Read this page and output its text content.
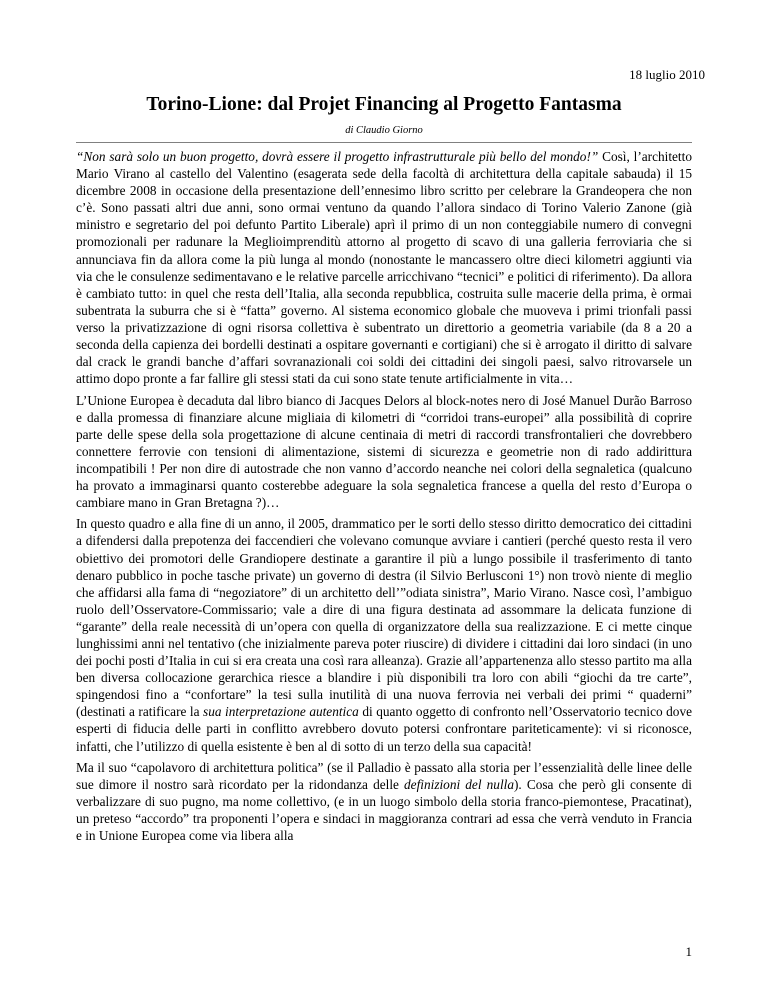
18 luglio 2010
Torino-Lione: dal Projet Financing al Progetto Fantasma
di Claudio Giorno

“Non sarà solo un buon progetto, dovrà essere il progetto infrastrutturale più bello del mondo!” Così, l’architetto Mario Virano al castello del Valentino (esagerata sede della facoltà di architettura della capitale sabauda) il 15 dicembre 2008 in occasione della presentazione dell’ennesimo libro scritto per celebrare la Grandeopera che non c’è. Sono passati altri due anni, sono ormai ventuno da quando l’allora sindaco di Torino Valerio Zanone (già ministro e segretario del poi defunto Partito Liberale) aprì il primo di un non conteggiabile numero di convegni promozionali per radunare la Meglioimprenditù attorno al progetto di scavo di una galleria ferroviaria che si annunciava fin da allora come la più lunga al mondo (nonostante le mancassero oltre dieci kilometri aggiunti via via che le consulenze sedimentavano e le relative parcelle arricchivano “tecnici” e politici di riferimento). Da allora è cambiato tutto: in quel che resta dell’Italia, alla seconda repubblica, costruita sulle macerie della prima, è ormai subentrata la suburra che si è “fatta” governo. Al sistema economico globale che muoveva i primi trionfali passi verso la privatizzazione di ogni risorsa collettiva è subentrato un direttorio a geometria variabile (da 8 a 20 a seconda della capienza dei bordelli destinati a ospitare governanti e cortigiani) che si è arrogato il diritto di salvare dal crack le grandi banche d’affari sovranazionali coi soldi dei cittadini dei singoli paesi, salvo ritrovarsele un attimo dopo pronte a far fallire gli stessi stati da cui sono state tenute artificialmente in vita…

L’Unione Europea è decaduta dal libro bianco di Jacques Delors al block-notes nero di José Manuel Durão Barroso e dalla promessa di finanziare alcune migliaia di kilometri di “corridoi trans-europei” alla possibilità di coprire parte delle spese della sola progettazione di alcune centinaia di metri di raccordi transfrontalieri che dovrebbero connettere ferrovie con tensioni di alimentazione, sistemi di sicurezza e geometrie non di rado addirittura incompatibili ! Per non dire di autostrade che non vanno d’accordo neanche nei colori della segnaletica (qualcuno ha provato a immaginarsi quanto costerebbe adeguare la sola segnaletica francese a quella del resto d’Europa o cambiare mano in Gran Bretagna ?)…

In questo quadro e alla fine di un anno, il 2005, drammatico per le sorti dello stesso diritto democratico dei cittadini a difendersi dalla prepotenza dei faccendieri che volevano comunque avviare i cantieri (perché questo resta il vero obiettivo dei promotori delle Grandiopere destinate a garantire il più a lungo possibile il trasferimento di tanto denaro pubblico in poche tasche private) un governo di destra (il Silvio Berlusconi 1°) non trovò niente di meglio che affidarsi alla fama di “negoziatore” di un architetto dell’”odiata sinistra”, Mario Virano. Nasce così, l’ambiguo ruolo dell’Osservatore-Commissario; vale a dire di una figura destinata ad assommare la delicata funzione di “garante” della reale necessità di un’opera con quella di organizzatore della sua realizzazione. E ci mette cinque lunghissimi anni nel tentativo (che inizialmente pareva poter riuscire) di dividere i cittadini dai loro sindaci (in uno dei pochi posti d’Italia in cui si era creata una così rara alleanza). Grazie all’appartenenza allo stesso partito ma alla ben diversa collocazione gerarchica riesce a blandire i più disponibili tra loro con abili “giochi da tre carte”, spingendosi fino a “confortare” la tesi sulla inutilità di una nuova ferrovia nei verbali dei primi “ quaderni” (destinati a ratificare la sua interpretazione autentica di quanto oggetto di confronto nell’Osservatorio tecnico dove esperti di fiducia delle parti in conflitto avrebbero dovuto potersi confrontare pariteticamente): vi si riconosce, infatti, che l’utilizzo di quella esistente è ben al di sotto di un terzo della sua capacità!

Ma il suo “capolavoro di architettura politica” (se il Palladio è passato alla storia per l’essenzialità delle linee delle sue dimore il nostro sarà ricordato per la ridondanza delle definizioni del nulla). Cosa che però gli consente di verbalizzare di suo pugno, ma nome collettivo, (e in un luogo simbolo della storia franco-piemontese, Pracatinat), un preteso “accordo” tra proponenti l’opera e sindaci in maggioranza contrari ad essa che verrà venduto in Francia e in Unione Europea come via libera alla

1
